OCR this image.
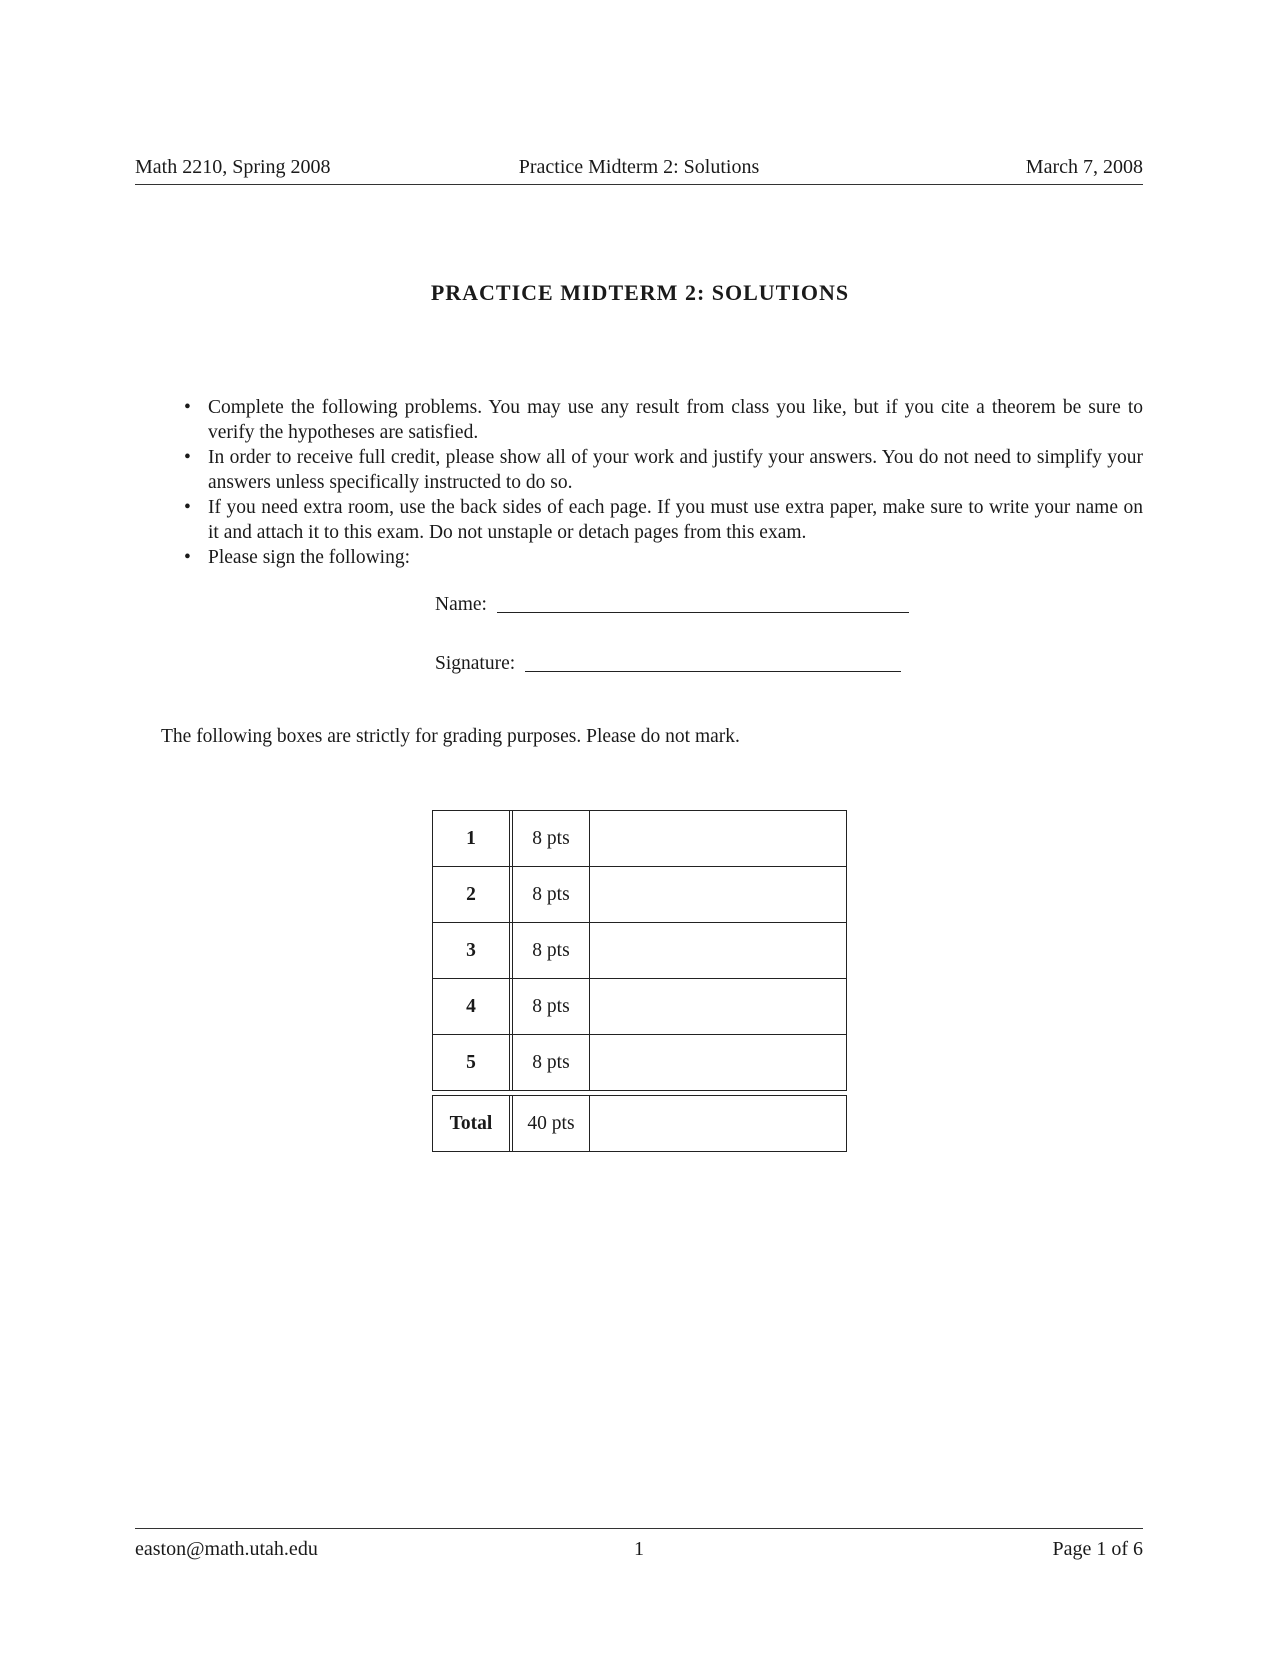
Math 2210, Spring 2008	Practice Midterm 2: Solutions	March 7, 2008
PRACTICE MIDTERM 2: SOLUTIONS
• Complete the following problems. You may use any result from class you like, but if you cite a theorem be sure to verify the hypotheses are satisfied.
• In order to receive full credit, please show all of your work and justify your answers. You do not need to simplify your answers unless specifically instructed to do so.
• If you need extra room, use the back sides of each page. If you must use extra paper, make sure to write your name on it and attach it to this exam. Do not unstaple or detach pages from this exam.
• Please sign the following:
Name:
Signature:
The following boxes are strictly for grading purposes. Please do not mark.
1	8 pts
2	8 pts
3	8 pts
4	8 pts
5	8 pts
Total	40 pts
easton@math.utah.edu	1	Page 1 of 6
